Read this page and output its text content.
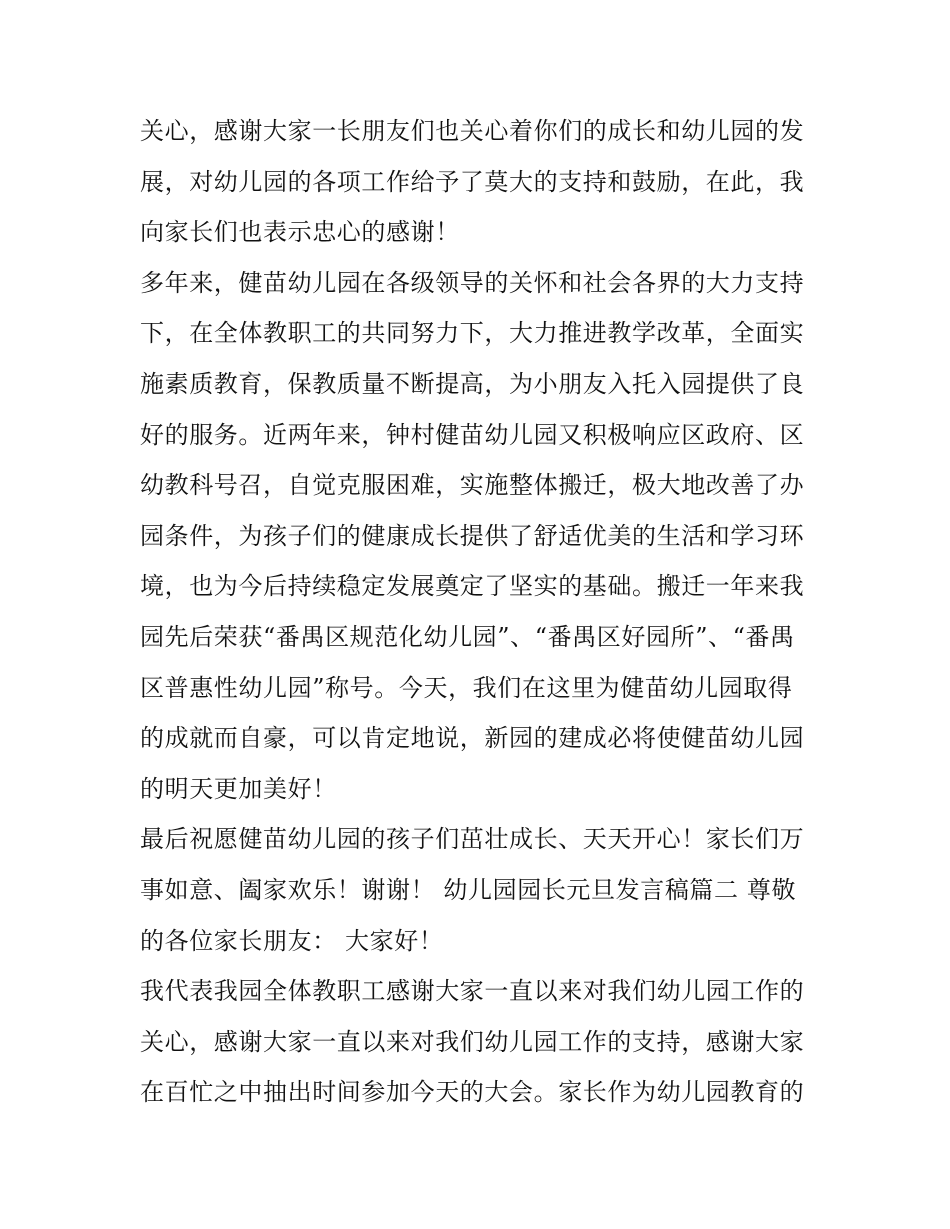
关心，感谢大家一长朋友们也关心着你们的成长和幼儿园的发
展，对幼儿园的各项工作给予了莫大的支持和鼓励，在此，我
向家长们也表示忠心的感谢！
多年来，健苗幼儿园在各级领导的关怀和社会各界的大力支持
下，在全体教职工的共同努力下，大力推进教学改革，全面实
施素质教育，保教质量不断提高，为小朋友入托入园提供了良
好的服务。近两年来，钟村健苗幼儿园又积极响应区政府、区
幼教科号召，自觉克服困难，实施整体搬迁，极大地改善了办
园条件，为孩子们的健康成长提供了舒适优美的生活和学习环
境，也为今后持续稳定发展奠定了坚实的基础。搬迁一年来我
园先后荣获“番禺区规范化幼儿园”、“番禺区好园所”、“番禺
区普惠性幼儿园”称号。今天，我们在这里为健苗幼儿园取得
的成就而自豪，可以肯定地说，新园的建成必将使健苗幼儿园
的明天更加美好！
最后祝愿健苗幼儿园的孩子们茁壮成长、天天开心！家长们万
事如意、阖家欢乐！谢谢！ 幼儿园园长元旦发言稿篇二 尊敬
的各位家长朋友： 大家好！
我代表我园全体教职工感谢大家一直以来对我们幼儿园工作的
关心，感谢大家一直以来对我们幼儿园工作的支持，感谢大家
在百忙之中抽出时间参加今天的大会。家长作为幼儿园教育的
